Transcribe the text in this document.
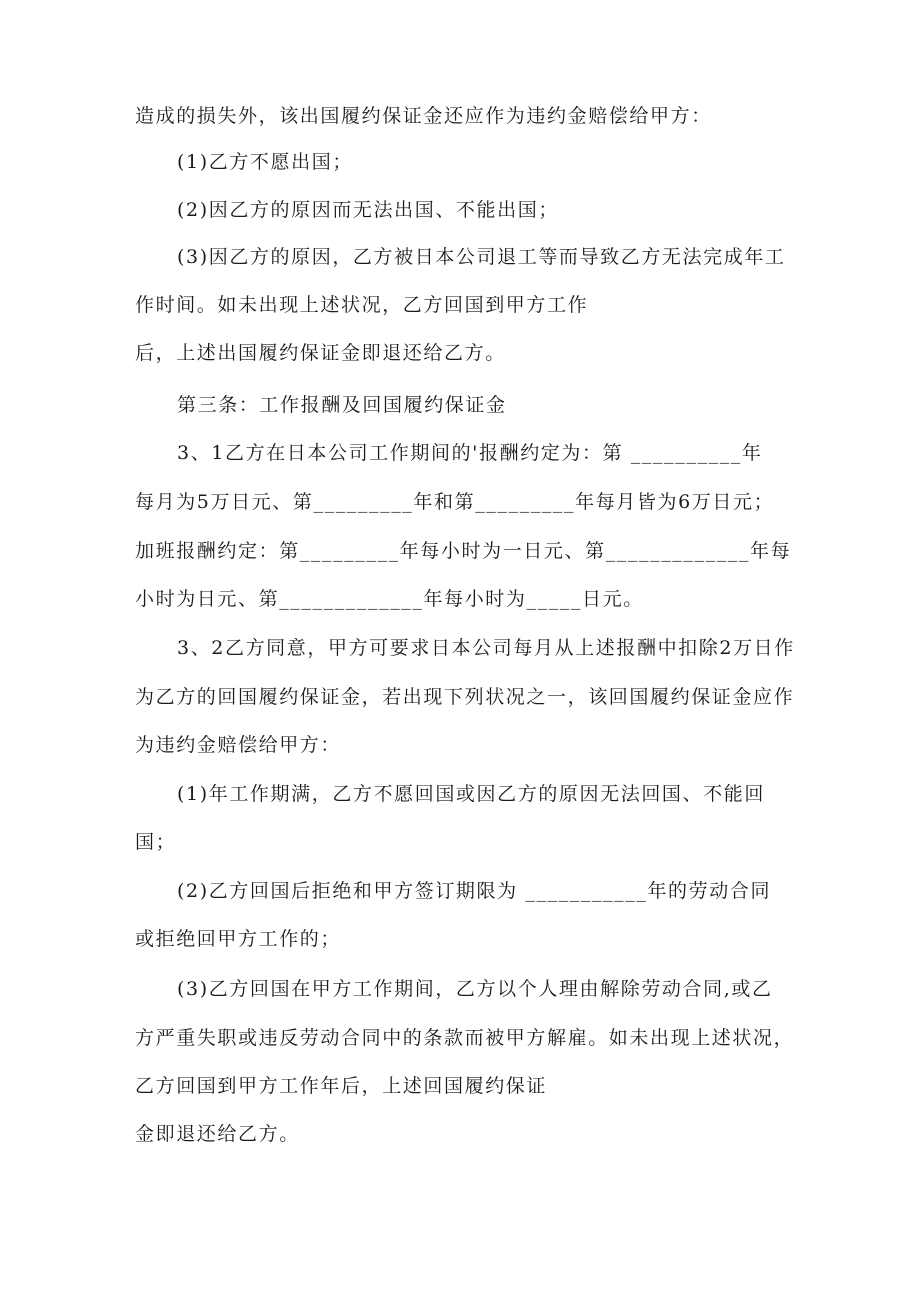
造成的损失外，该出国履约保证金还应作为违约金赔偿给甲方：
(1)乙方不愿出国；
(2)因乙方的原因而无法出国、不能出国；
(3)因乙方的原因，乙方被日本公司退工等而导致乙方无法完成年工
作时间。如未出现上述状况，乙方回国到甲方工作
后，上述出国履约保证金即退还给乙方。
第三条：工作报酬及回国履约保证金
3、1乙方在日本公司工作期间的'报酬约定为：第 __________年
每月为5万日元、第_________年和第_________年每月皆为6万日元；
加班报酬约定：第_________年每小时为一日元、第_____________年每
小时为日元、第_____________年每小时为_____日元。
3、2乙方同意，甲方可要求日本公司每月从上述报酬中扣除2万日作
为乙方的回国履约保证金，若出现下列状况之一，该回国履约保证金应作
为违约金赔偿给甲方：
(1)年工作期满，乙方不愿回国或因乙方的原因无法回国、不能回
国；
(2)乙方回国后拒绝和甲方签订期限为 ___________年的劳动合同
或拒绝回甲方工作的；
(3)乙方回国在甲方工作期间，乙方以个人理由解除劳动合同,或乙
方严重失职或违反劳动合同中的条款而被甲方解雇。如未出现上述状况，
乙方回国到甲方工作年后，上述回国履约保证
金即退还给乙方。
